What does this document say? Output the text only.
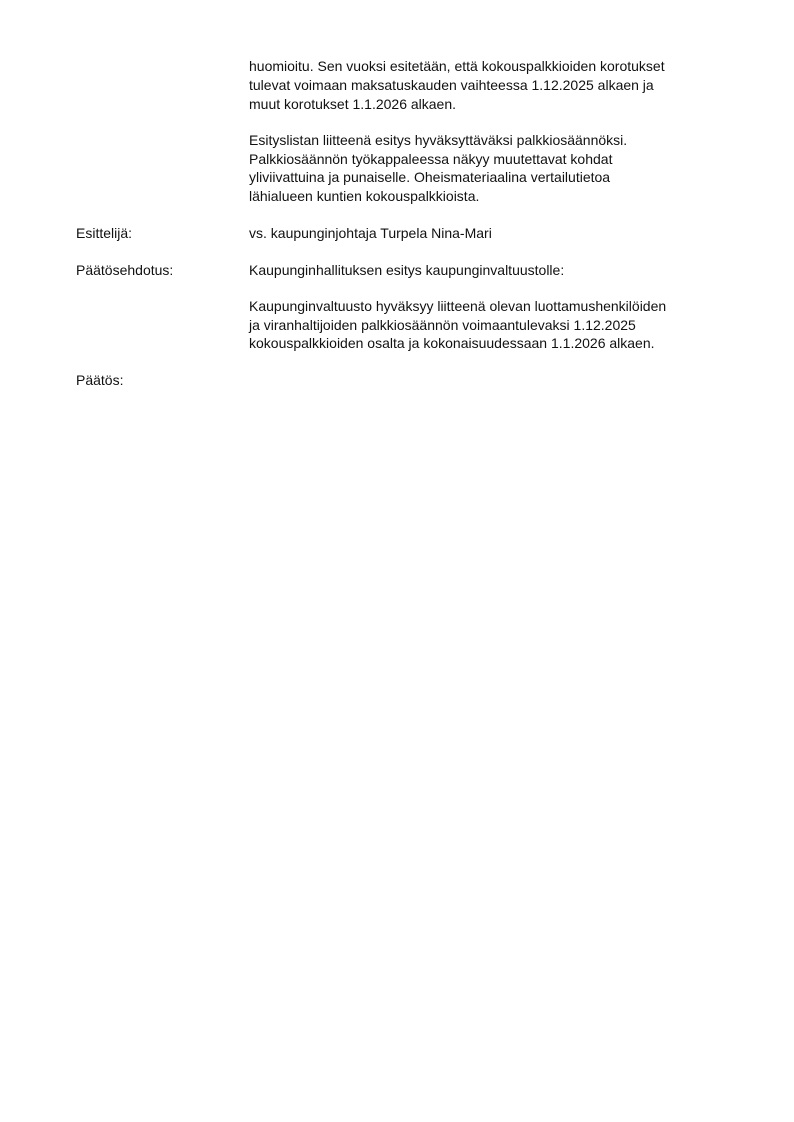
huomioitu. Sen vuoksi esitetään, että kokouspalkkioiden korotukset
tulevat voimaan maksatuskauden vaihteessa 1.12.2025 alkaen ja
muut korotukset 1.1.2026 alkaen.
Esityslistan liitteenä esitys hyväksyttäväksi palkkiosäännöksi.
Palkkiosäännön työkappaleessa näkyy muutettavat kohdat
yliviivattuina ja punaiselle. Oheismateriaalina vertailutietoa
lähialueen kuntien kokouspalkkioista.
Esittelijä:	vs. kaupunginjohtaja Turpela Nina-Mari
Päätösehdotus:	Kaupunginhallituksen esitys kaupunginvaltuustolle:
Kaupunginvaltuusto hyväksyy liitteenä olevan luottamushenkilöiden
ja viranhaltijoiden palkkiosäännön voimaantulevaksi 1.12.2025
kokouspalkkioiden osalta ja kokonaisuudessaan 1.1.2026 alkaen.
Päätös:
